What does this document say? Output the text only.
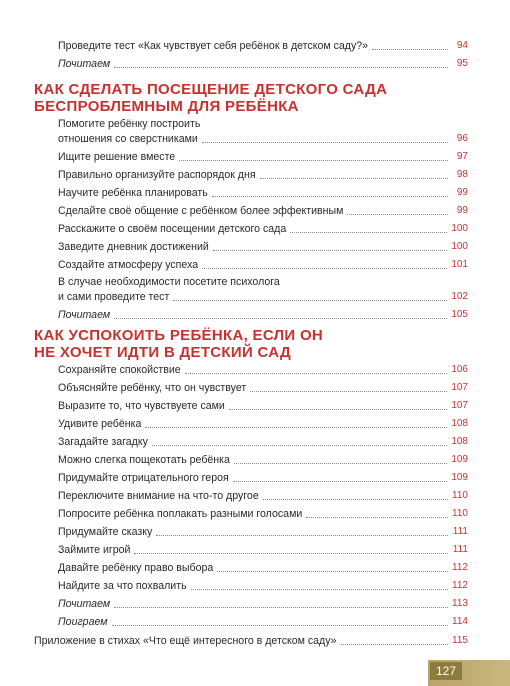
Проведите тест «Как чувствует себя ребёнок в детском саду?»	94
Почитаем	95
КАК СДЕЛАТЬ ПОСЕЩЕНИЕ ДЕТСКОГО САДА
БЕСПРОБЛЕМНЫМ ДЛЯ РЕБЁНКА
Помогите ребёнку построить
отношения со сверстниками	96
Ищите решение вместе	97
Правильно организуйте распорядок дня	98
Научите ребёнка планировать	99
Сделайте своё общение с ребёнком более эффективным	99
Расскажите о своём посещении детского сада	100
Заведите дневник достижений	100
Создайте атмосферу успеха	101
В случае необходимости посетите психолога
и сами проведите тест	102
Почитаем	105
КАК УСПОКОИТЬ РЕБЁНКА, ЕСЛИ ОН
НЕ ХОЧЕТ ИДТИ В ДЕТСКИЙ САД
Сохраняйте спокойствие	106
Объясняйте ребёнку, что он чувствует	107
Выразите то, что чувствуете сами	107
Удивите ребёнка	108
Загадайте загадку	108
Можно слегка пощекотать ребёнка	109
Придумайте отрицательного героя	109
Переключите внимание на что-то другое	110
Попросите ребёнка поплакать разными голосами	110
Придумайте сказку	111
Займите игрой	111
Давайте ребёнку право выбора	112
Найдите за что похвалить	112
Почитаем	113
Поиграем	114
Приложение в стихах «Что ещё интересного в детском саду»	115
127
